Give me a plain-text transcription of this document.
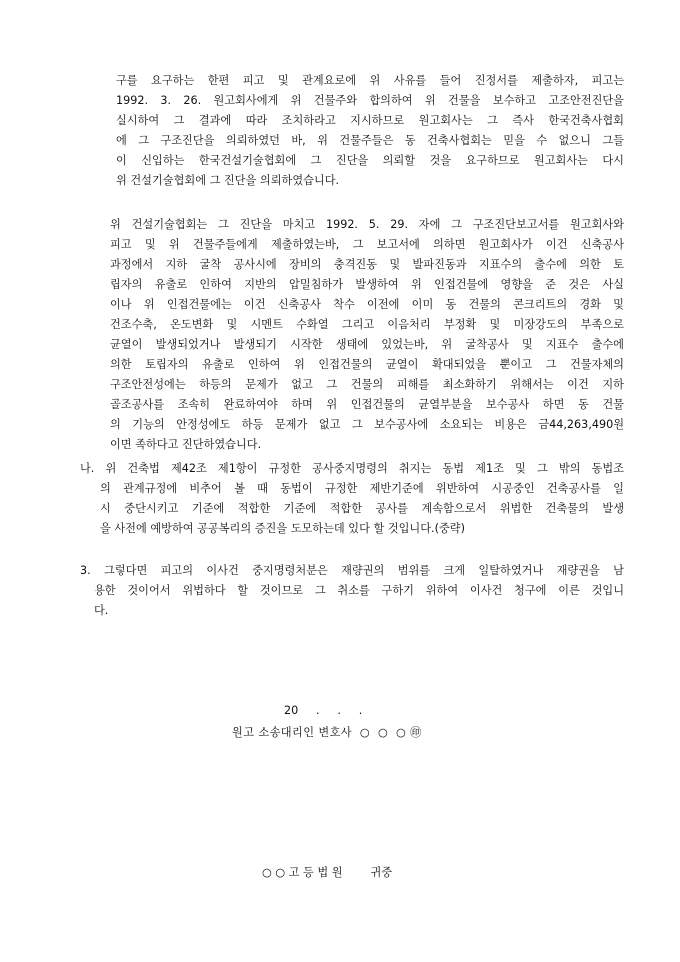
구를 요구하는 한편 피고 및 관계요로에 위 사유를 들어 진정서를 제출하자, 피고는
1992. 3. 26. 원고회사에게 위 건물주와 합의하여 위 건물을 보수하고 고조안전진단을
실시하여 그 결과에 따라 조치하라고 지시하므로 원고회사는 그 즉사 한국건축사협회
에 그 구조진단을 의뢰하였던 바, 위 건물주들은 동 건축사협회는 믿을 수 없으니 그들
이 신입하는 한국건설기술협회에 그 진단을 의뢰할 것을 요구하므로 원고회사는 다시
위 건설기술협회에 그 진단을 의뢰하였습니다.
위 건설기술협회는 그 진단을 마치고 1992. 5. 29. 자에 그 구조진단보고서를 원고회사와
피고 및 위 건물주들에게 제출하였는바, 그 보고서에 의하면 원고회사가 이건 신축공사
과정에서 지하 굴착 공사시에 장비의 충격진동 및 발파진동과 지표수의 출수에 의한 토
립자의 유출로 인하여 지반의 압밀침하가 발생하여 위 인접건물에 영향을 준 것은 사실
이나 위 인접건물에는 이건 신축공사 착수 이전에 이미 동 건물의 콘크리트의 경화 및
건조수축, 온도변화 및 시멘트 수화열 그리고 이음처리 부정확 및 미장강도의 부족으로
균열이 발생되었거나 발생되기 시작한 생태에 있었는바, 위 굴착공사 및 지표수 출수에
의한 토립자의 유출로 인하여 위 인접건물의 균열이 확대되었을 뿐이고 그 건물자체의
구조안전성에는 하등의 문제가 없고 그 건물의 피해를 최소화하기 위해서는 이건 지하
골조공사를 조속히 완료하여야 하며 위 인접건물의 균열부분을 보수공사 하면 동 건물
의 기능의 안정성에도 하등 문제가 없고 그 보수공사에 소요되는 비용은 금44,263,490원
이면 족하다고 진단하였습니다.
나. 위 건축법 제42조 제1항이 규정한 공사중지명령의 취지는 동법 제1조 및 그 밖의 동법조
의 관계규정에 비추어 볼 때 동법이 규정한 제반기준에 위반하여 시공중인 건축공사를 일
시 중단시키고 기준에 적합한 기준에 적합한 공사를 계속함으로서 위법한 건축물의 발생
을 사전에 예방하여 공공복리의 증진을 도모하는데 있다 할 것입니다.(중략)
3. 그렇다면 피고의 이사건 중지명령처분은 재량권의 범위를 크게 일탈하였거나 재량권을 남
용한 것이어서 위법하다 할 것이므로 그 취소를 구하기 위하여 이사건 청구에 이른 것입니
다.
20     .     .     .
원고 소송대리인 변호사  ○  ○  ○ ㊞
○ ○ 고 등 법 원	귀중
